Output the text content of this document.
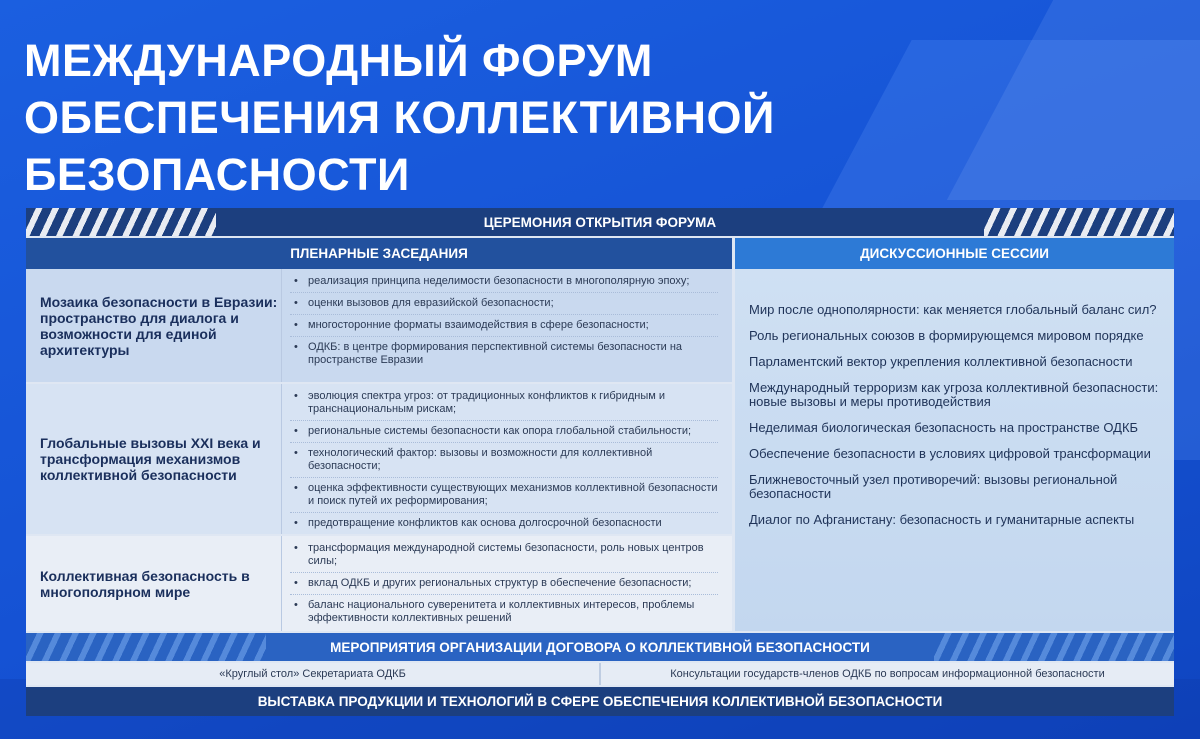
МЕЖДУНАРОДНЫЙ ФОРУМ
ОБЕСПЕЧЕНИЯ КОЛЛЕКТИВНОЙ
БЕЗОПАСНОСТИ
ЦЕРЕМОНИЯ ОТКРЫТИЯ ФОРУМА
ПЛЕНАРНЫЕ ЗАСЕДАНИЯ	ДИСКУССИОННЫЕ СЕССИИ
Мозаика безопасности в Евразии: пространство для диалога и возможности для единой архитектуры
• реализация принципа неделимости безопасности в многополярную эпоху;
• оценки вызовов для евразийской безопасности;
• многосторонние форматы взаимодействия в сфере безопасности;
• ОДКБ: в центре формирования перспективной системы безопасности на пространстве Евразии
Глобальные вызовы XXI века и трансформация механизмов коллективной безопасности
• эволюция спектра угроз: от традиционных конфликтов к гибридным и транснациональным рискам;
• региональные системы безопасности как опора глобальной стабильности;
• технологический фактор: вызовы и возможности для коллективной безопасности;
• оценка эффективности существующих механизмов коллективной безопасности и поиск путей их реформирования;
• предотвращение конфликтов как основа долгосрочной безопасности
Коллективная безопасность в многополярном мире
• трансформация международной системы безопасности, роль новых центров силы;
• вклад ОДКБ и других региональных структур в обеспечение безопасности;
• баланс национального суверенитета и коллективных интересов, проблемы эффективности коллективных решений
Мир после однополярности: как меняется глобальный баланс сил?
Роль региональных союзов в формирующемся мировом порядке
Парламентский вектор укрепления коллективной безопасности
Международный терроризм как угроза коллективной безопасности: новые вызовы и меры противодействия
Неделимая биологическая безопасность на пространстве ОДКБ
Обеспечение безопасности в условиях цифровой трансформации
Ближневосточный узел противоречий: вызовы региональной безопасности
Диалог по Афганистану: безопасность и гуманитарные аспекты
МЕРОПРИЯТИЯ ОРГАНИЗАЦИИ ДОГОВОРА О КОЛЛЕКТИВНОЙ БЕЗОПАСНОСТИ
«Круглый стол» Секретариата ОДКБ	Консультации государств-членов ОДКБ по вопросам информационной безопасности
ВЫСТАВКА ПРОДУКЦИИ И ТЕХНОЛОГИЙ В СФЕРЕ ОБЕСПЕЧЕНИЯ КОЛЛЕКТИВНОЙ БЕЗОПАСНОСТИ
